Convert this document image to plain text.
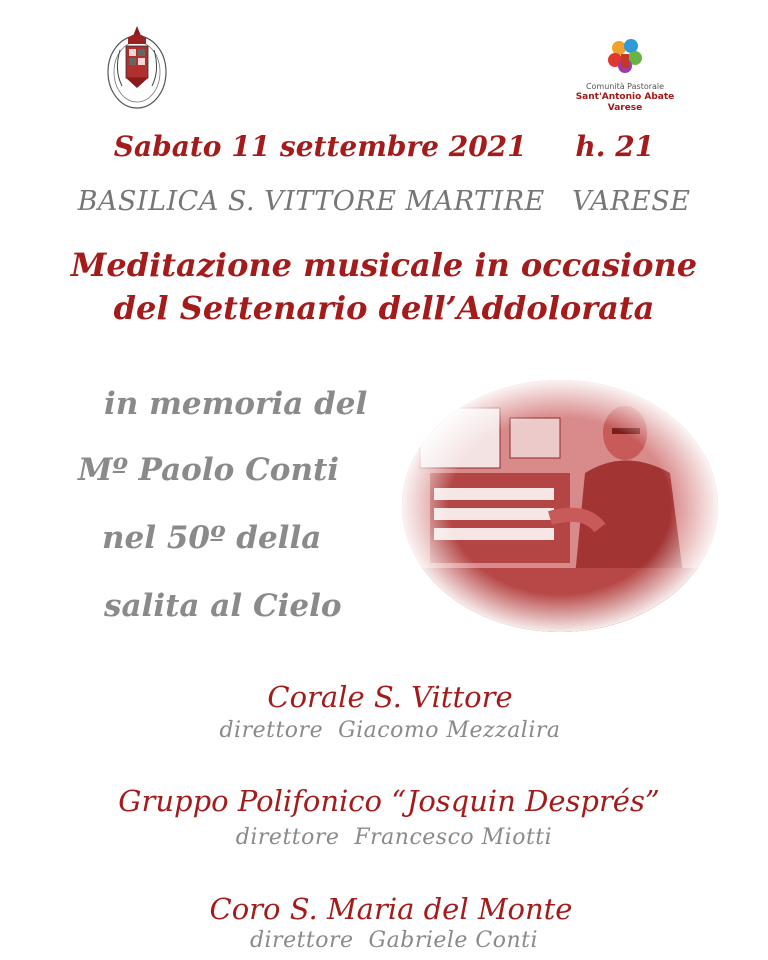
Comunità Pastorale
Sant'Antonio Abate Varese
Sabato 11 settembre 2021     h. 21
BASILICA S. VITTORE MARTIRE   VARESE
Meditazione musicale in occasione
del Settenario dell’Addolorata
in memoria del
Mº Paolo Conti
nel 50º della
salita al Cielo
Corale S. Vittore
direttore  Giacomo Mezzalira
Gruppo Polifonico “Josquin Després”
direttore  Francesco Miotti
Coro S. Maria del Monte
direttore  Gabriele Conti
